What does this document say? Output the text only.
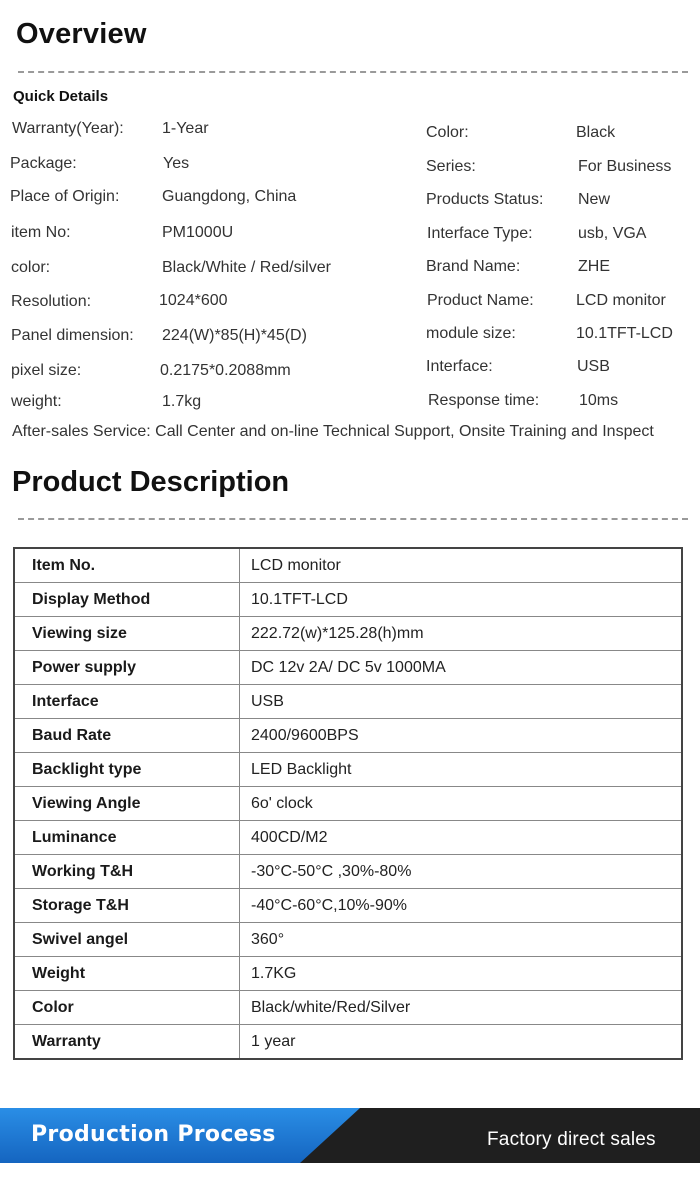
Overview
Quick Details
Warranty(Year): 1-Year
Package:	Yes
Place of Origin:	Guangdong, China
item No:	PM1000U
color:	Black/White / Red/silver
Resolution:	1024*600
Panel dimension: 224(W)*85(H)*45(D)
pixel size:	0.2175*0.2088mm
weight:	1.7kg
Color:	Black
Series:	For Business
Products Status: New
Interface Type:	usb, VGA
Brand Name:	ZHE
Product Name:	LCD monitor
module size:	10.1TFT-LCD
Interface:	USB
Response time: 10ms
After-sales Service: Call Center and on-line Technical Support, Onsite Training and Inspect
Product Description
Item No.	LCD monitor
Display Method	10.1TFT-LCD
Viewing size	222.72(w)*125.28(h)mm
Power supply	DC 12v 2A/ DC 5v 1000MA
Interface	USB
Baud Rate	2400/9600BPS
Backlight type	LED Backlight
Viewing Angle	6o' clock
Luminance	400CD/M2
Working T&H	-30°C-50°C ,30%-80%
Storage T&H	-40°C-60°C,10%-90%
Swivel angel	360°
Weight	1.7KG
Color	Black/white/Red/Silver
Warranty	1 year
Production Process	Factory direct sales
